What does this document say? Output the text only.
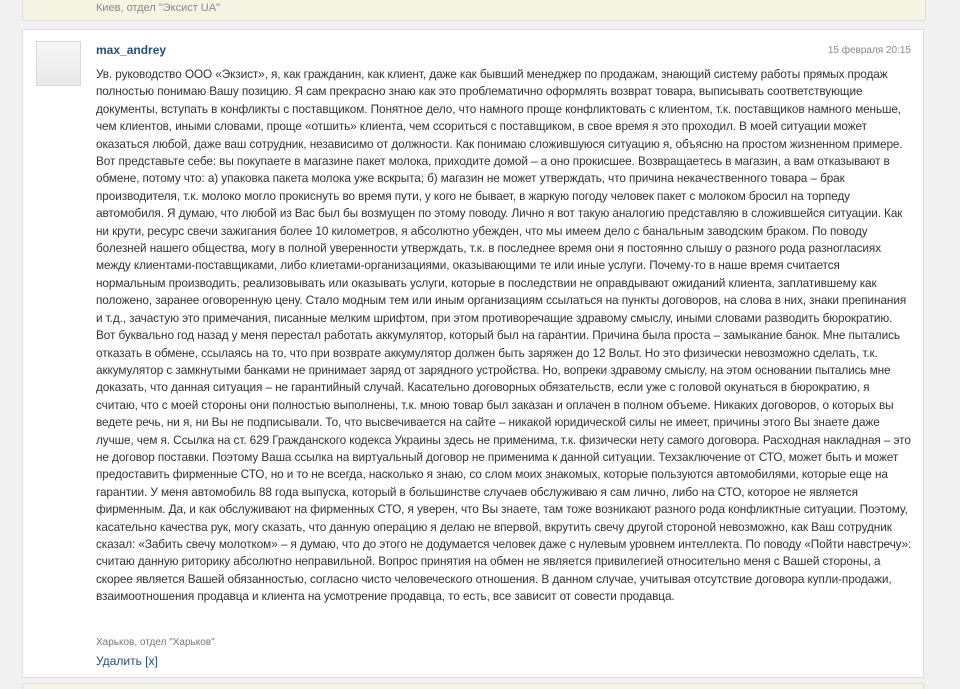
Киев, отдел "Эксист UA"
max_andrey	15 февраля 20:15

Ув. руководство ООО «Экзист», я, как гражданин, как клиент, даже как бывший менеджер по продажам, знающий систему работы прямых продаж полностью понимаю Вашу позицию. Я сам прекрасно знаю как это проблематично оформлять возврат товара, выписывать соответствующие документы, вступать в конфликты с поставщиком. Понятное дело, что намного проще конфликтовать с клиентом, т.к. поставщиков намного меньше, чем клиентов, иными словами, проще «отшить» клиента, чем ссориться с поставщиком, в свое время я это проходил. В моей ситуации может оказаться любой, даже ваш сотрудник, независимо от должности. Как понимаю сложившуюся ситуацию я, объясню на простом жизненном примере. Вот представьте себе: вы покупаете в магазине пакет молока, приходите домой – а оно прокисшее. Возвращаетесь в магазин, а вам отказывают в обмене, потому что: а) упаковка пакета молока уже вскрыта; б) магазин не может утверждать, что причина некачественного товара – брак производителя, т.к. молоко могло прокиснуть во время пути, у кого не бывает, в жаркую погоду человек пакет с молоком бросил на торпеду автомобиля. Я думаю, что любой из Вас был бы возмущен по этому поводу. Лично я вот такую аналогию представляю в сложившейся ситуации. Как ни крути, ресурс свечи зажигания более 10 километров, я абсолютно убежден, что мы имеем дело с банальным заводским браком. По поводу болезней нашего общества, могу в полной уверенности утверждать, т.к. в последнее время они я постоянно слышу о разного рода разногласиях между клиентами-поставщиками, либо клиетами-организациями, оказывающими те или иные услуги. Почему-то в наше время считается нормальным производить, реализовывать или оказывать услуги, которые в последствии не оправдывают ожиданий клиента, заплатившему как положено, заранее оговоренную цену. Стало модным тем или иным организациям ссылаться на пункты договоров, на слова в них, знаки препинания и т.д., зачастую это примечания, писанные мелким шрифтом, при этом противоречащие здравому смыслу, иными словами разводить бюрократию. Вот буквально год назад у меня перестал работать аккумулятор, который был на гарантии. Причина была проста – замыкание банок. Мне пытались отказать в обмене, ссылаясь на то, что при возврате аккумулятор должен быть заряжен до 12 Вольт. Но это физически невозможно сделать, т.к. аккумулятор с замкнутыми банками не принимает заряд от зарядного устройства. Но, вопреки здравому смыслу, на этом основании пытались мне доказать, что данная ситуация – не гарантийный случай. Касательно договорных обязательств, если уже с головой окунаться в бюрократию, я считаю, что с моей стороны они полностью выполнены, т.к. мною товар был заказан и оплачен в полном объеме. Никаких договоров, о которых вы ведете речь, ни я, ни Вы не подписывали. То, что высвечивается на сайте – никакой юридической силы не имеет, причины этого Вы знаете даже лучше, чем я. Ссылка на ст. 629 Гражданского кодекса Украины здесь не применима, т.к. физически нету самого договора. Расходная накладная – это не договор поставки. Поэтому Ваша ссылка на виртуальный договор не применима к данной ситуации. Техзаключение от СТО, может быть и может предоставить фирменные СТО, но и то не всегда, насколько я знаю, со слом моих знакомых, которые пользуются автомобилями, которые еще на гарантии. У меня автомобиль 88 года выпуска, который в большинстве случаев обслуживаю я сам лично, либо на СТО, которое не является фирменным. Да, и как обслуживают на фирменных СТО, я уверен, что Вы знаете, там тоже возникают разного рода конфликтные ситуации. Поэтому, касательно качества рук, могу сказать, что данную операцию я делаю не впервой, вкрутить свечу другой стороной невозможно, как Ваш сотрудник сказал: «Забить свечу молотком» – я думаю, что до этого не додумается человек даже с нулевым уровнем интеллекта. По поводу «Пойти навстречу»: считаю данную риторику абсолютно неправильной. Вопрос принятия на обмен не является привилегией относительно меня с Вашей стороны, а скорее является Вашей обязанностью, согласно чисто человеческого отношения. В данном случае, учитывая отсутствие договора купли-продажи, взаимоотношения продавца и клиента на усмотрение продавца, то есть, все зависит от совести продавца.

Харьков, отдел "Харьков"
Удалить [x]
